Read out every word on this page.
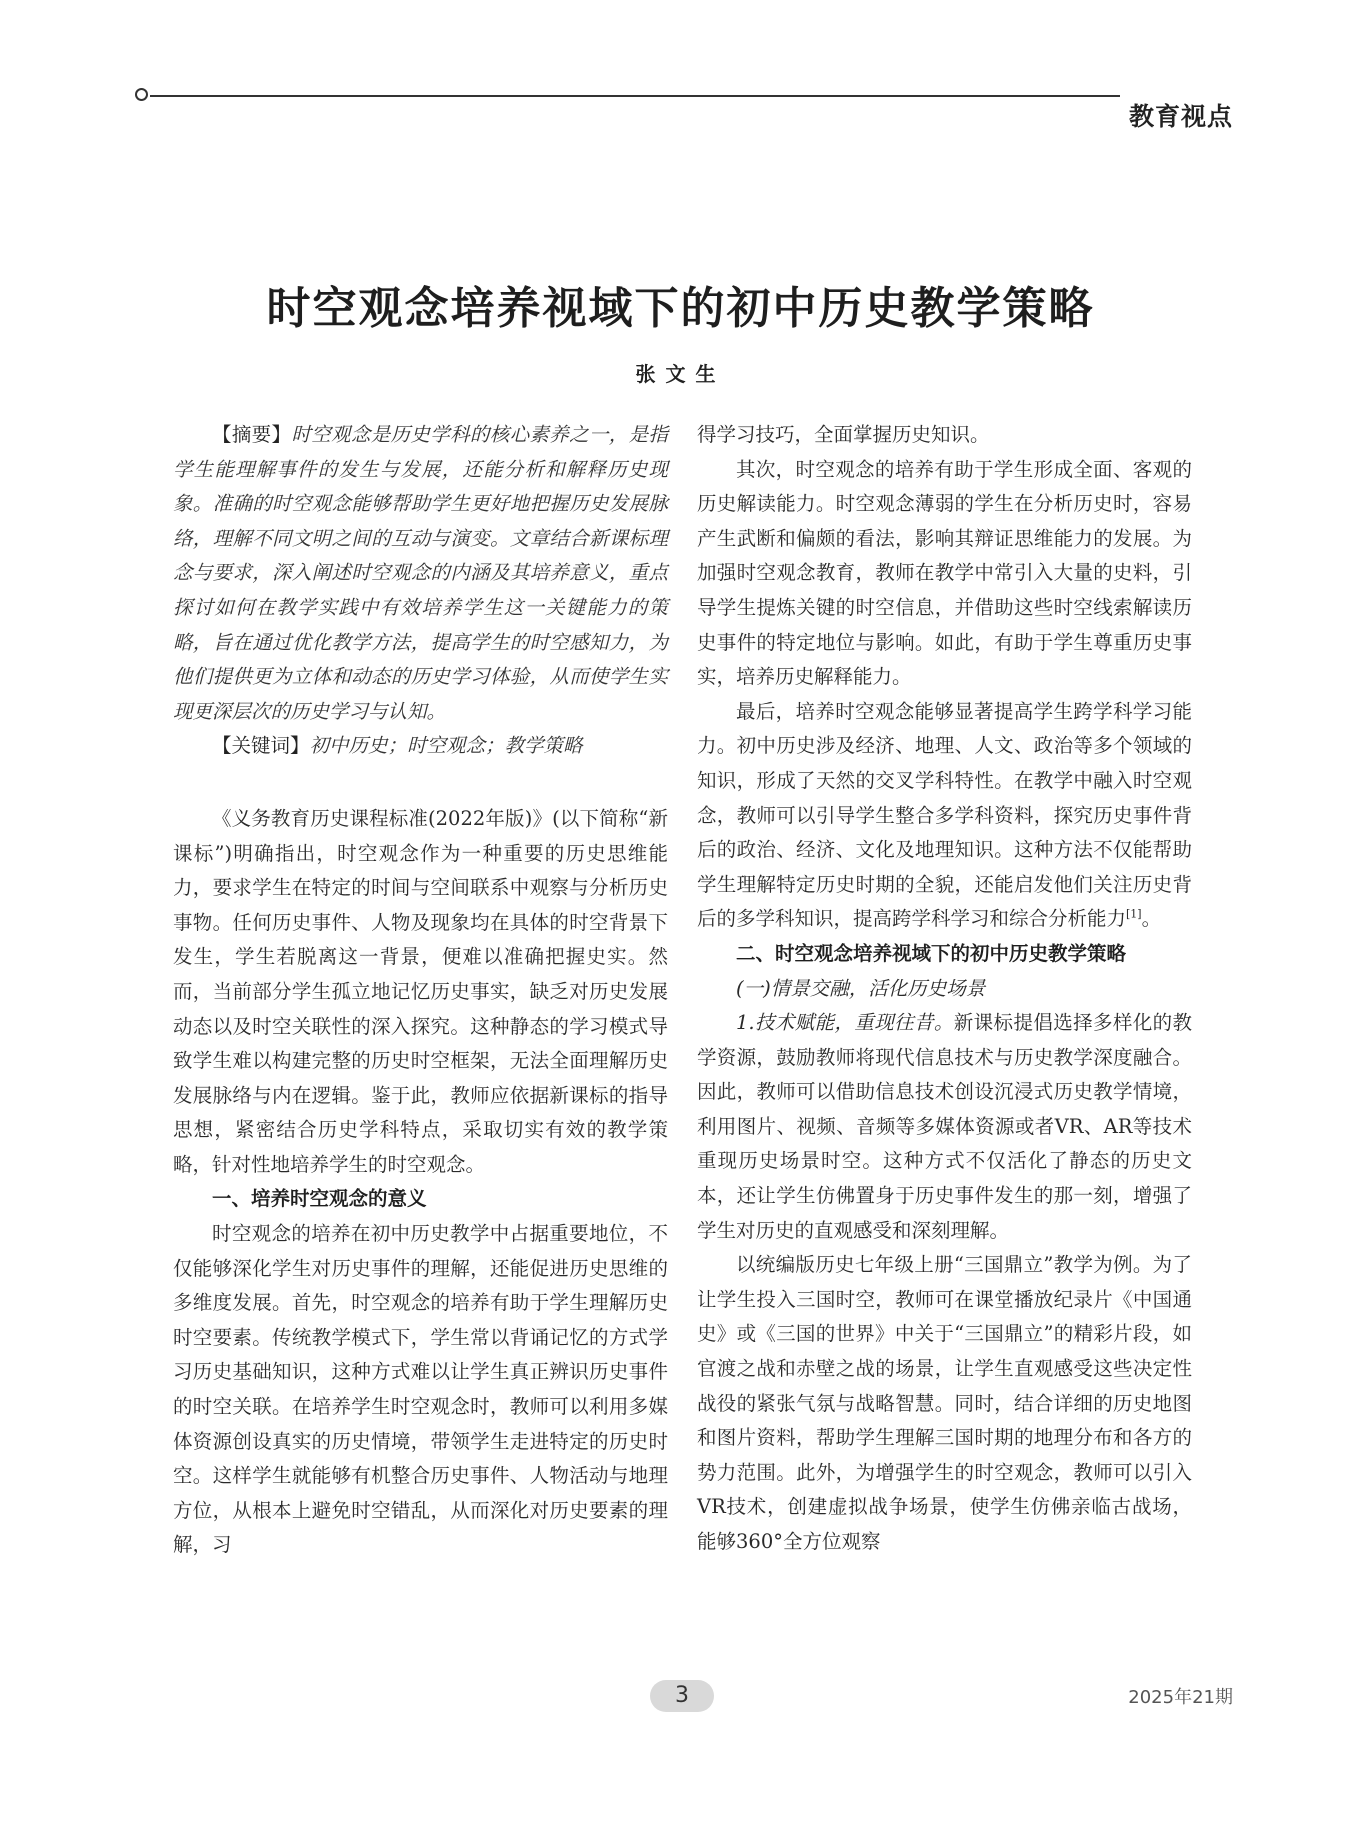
教育视点
时空观念培养视域下的初中历史教学策略
张文生

【摘要】时空观念是历史学科的核心素养之一，是指学生能理解事件的发生与发展，还能分析和解释历史现象。准确的时空观念能够帮助学生更好地把握历史发展脉络，理解不同文明之间的互动与演变。文章结合新课标理念与要求，深入阐述时空观念的内涵及其培养意义，重点探讨如何在教学实践中有效培养学生这一关键能力的策略，旨在通过优化教学方法，提高学生的时空感知力，为他们提供更为立体和动态的历史学习体验，从而使学生实现更深层次的历史学习与认知。

【关键词】初中历史；时空观念；教学策略

《义务教育历史课程标准(2022年版)》(以下简称“新课标”)明确指出，时空观念作为一种重要的历史思维能力，要求学生在特定的时间与空间联系中观察与分析历史事物。任何历史事件、人物及现象均在具体的时空背景下发生，学生若脱离这一背景，便难以准确把握史实。然而，当前部分学生孤立地记忆历史事实，缺乏对历史发展动态以及时空关联性的深入探究。这种静态的学习模式导致学生难以构建完整的历史时空框架，无法全面理解历史发展脉络与内在逻辑。鉴于此，教师应依据新课标的指导思想，紧密结合历史学科特点，采取切实有效的教学策略，针对性地培养学生的时空观念。

一、培养时空观念的意义

时空观念的培养在初中历史教学中占据重要地位，不仅能够深化学生对历史事件的理解，还能促进历史思维的多维度发展。首先，时空观念的培养有助于学生理解历史时空要素。传统教学模式下，学生常以背诵记忆的方式学习历史基础知识，这种方式难以让学生真正辨识历史事件的时空关联。在培养学生时空观念时，教师可以利用多媒体资源创设真实的历史情境，带领学生走进特定的历史时空。这样学生就能够有机整合历史事件、人物活动与地理方位，从根本上避免时空错乱，从而深化对历史要素的理解，习

得学习技巧，全面掌握历史知识。

其次，时空观念的培养有助于学生形成全面、客观的历史解读能力。时空观念薄弱的学生在分析历史时，容易产生武断和偏颇的看法，影响其辩证思维能力的发展。为加强时空观念教育，教师在教学中常引入大量的史料，引导学生提炼关键的时空信息，并借助这些时空线索解读历史事件的特定地位与影响。如此，有助于学生尊重历史事实，培养历史解释能力。

最后，培养时空观念能够显著提高学生跨学科学习能力。初中历史涉及经济、地理、人文、政治等多个领域的知识，形成了天然的交叉学科特性。在教学中融入时空观念，教师可以引导学生整合多学科资料，探究历史事件背后的政治、经济、文化及地理知识。这种方法不仅能帮助学生理解特定历史时期的全貌，还能启发他们关注历史背后的多学科知识，提高跨学科学习和综合分析能力[1]。

二、时空观念培养视域下的初中历史教学策略

(一)情景交融，活化历史场景

1.技术赋能，重现往昔。新课标提倡选择多样化的教学资源，鼓励教师将现代信息技术与历史教学深度融合。因此，教师可以借助信息技术创设沉浸式历史教学情境，利用图片、视频、音频等多媒体资源或者VR、AR等技术重现历史场景时空。这种方式不仅活化了静态的历史文本，还让学生仿佛置身于历史事件发生的那一刻，增强了学生对历史的直观感受和深刻理解。

以统编版历史七年级上册“三国鼎立”教学为例。为了让学生投入三国时空，教师可在课堂播放纪录片《中国通史》或《三国的世界》中关于“三国鼎立”的精彩片段，如官渡之战和赤壁之战的场景，让学生直观感受这些决定性战役的紧张气氛与战略智慧。同时，结合详细的历史地图和图片资料，帮助学生理解三国时期的地理分布和各方的势力范围。此外，为增强学生的时空观念，教师可以引入VR技术，创建虚拟战争场景，使学生仿佛亲临古战场，能够360°全方位观察

3	2025年21期
